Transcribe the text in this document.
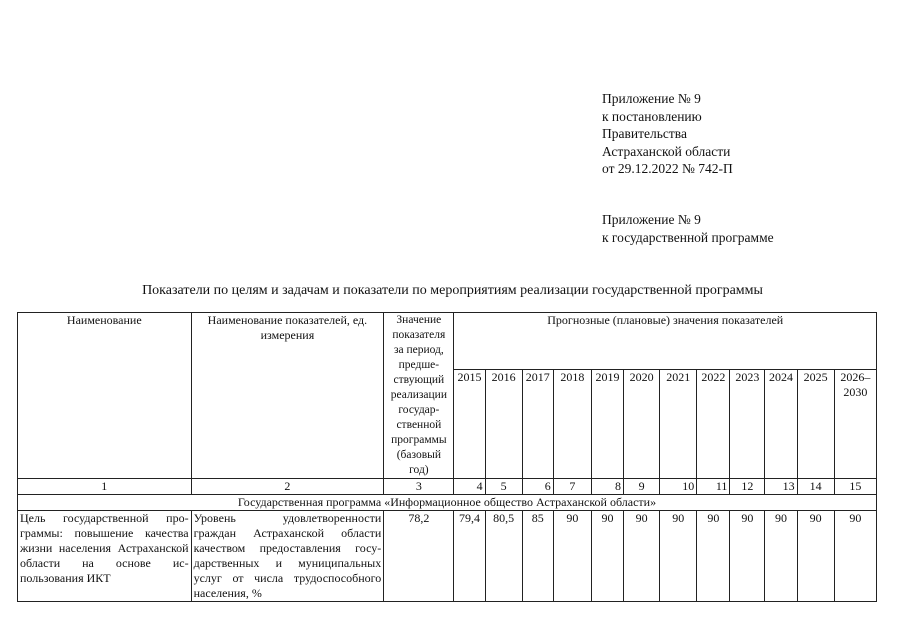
Приложение № 9
к постановлению
Правительства
Астраханской области
от 29.12.2022 № 742-П
Приложение № 9
к государственной программе
Показатели по целям и задачам и показатели по мероприятиям реализации государственной программы
Наименование	Наименование показателей, ед. измерения	Значение показателя за период, предше-ствующий реализации государ-ственной программы (базовый год)	Прогнозные (плановые) значения показателей											
			2015	2016	2017	2018	2019	2020	2021	2022	2023	2024	2025	2026–2030
1	2	3	4	5	6	7	8	9	10	11	12	13	14	15
Государственная программа «Информационное общество Астраханской области»														
Цель государственной программы: повышение качества жизни населения Астраханской области на основе использования ИКТ	Уровень удовлетворенности граждан Астраханской области качеством предоставления государственных и муниципальных услуг от числа трудоспособного населения, %	78,2	79,4	80,5	85	90	90	90	90	90	90	90	90	90
